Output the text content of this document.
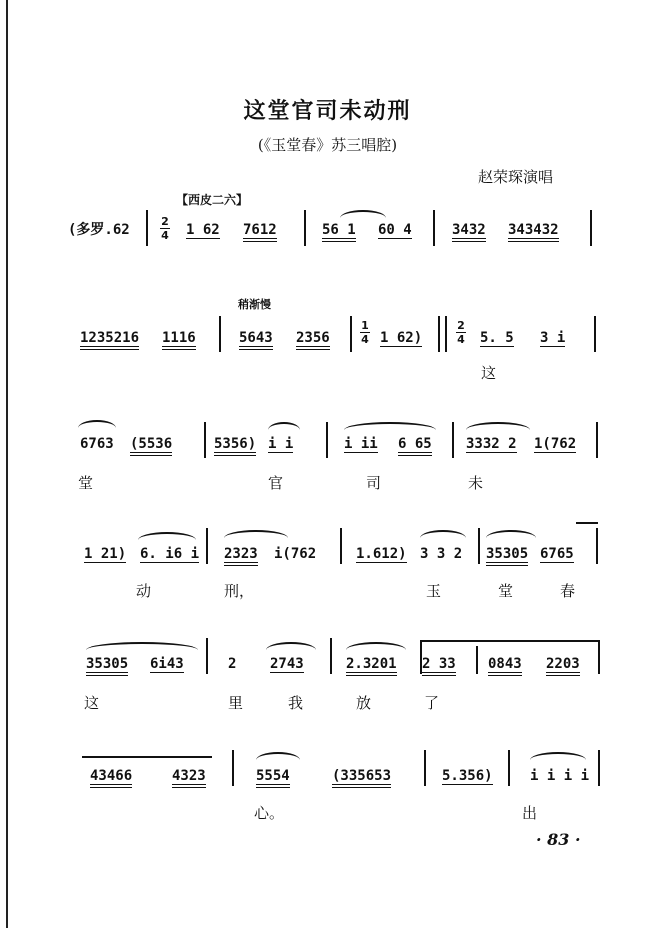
这堂官司未动刑
(《玉堂春》苏三唱腔)
赵荣琛演唱
【西皮二六】
稍渐慢
(多罗.62
2
4 1 62 7612	56 1 60 4	3432 343432
1235216 1116	5643 2356
1
4 1 62)
2
4 5. 5 3 i
这
6763 (5536	5356) i i	i ii 6 65 3332 2 1(762
堂	官	司	未
1 21) 6. i6 i 2323 i(762	1.612) 3 3 2 35305 6765
动	刑，	玉	堂	春
35305 6i43	2 2743	2.3201 2 33 0843 2203
这	里	我	放	了
43466	4323	5554	(335653	5.356)	i i i i
心。	出
· 83 ·
